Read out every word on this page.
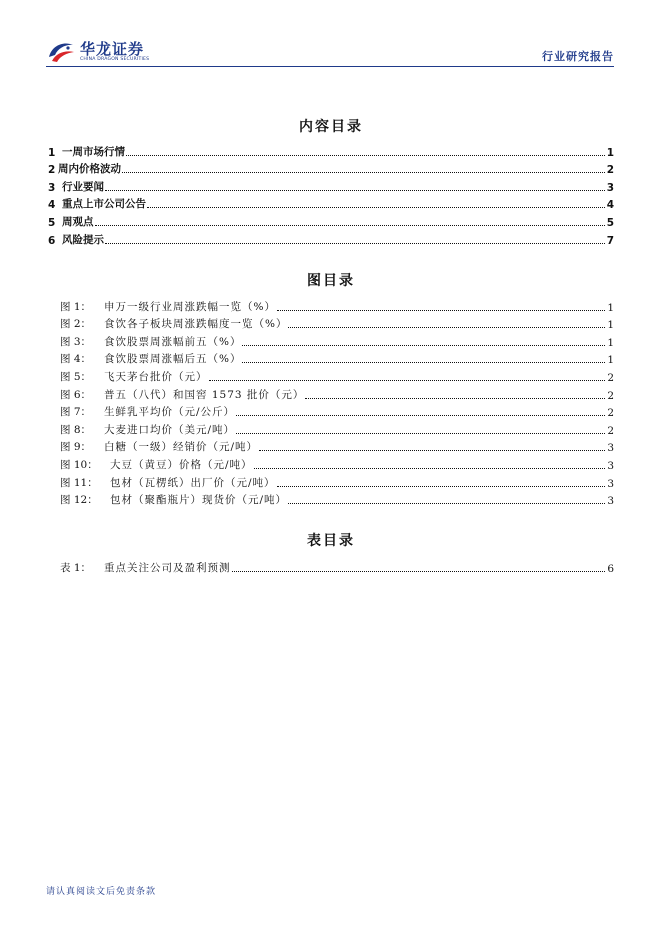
华龙证券
CHINA DRAGON SECURITIES	行业研究报告
内容目录
1 一周市场行情	1
2 周内价格波动	2
3 行业要闻	3
4 重点上市公司公告	4
5 周观点	5
6 风险提示	7
图目录
图 1：	申万一级行业周涨跌幅一览（%）	1
图 2：	食饮各子板块周涨跌幅度一览（%）	1
图 3：	食饮股票周涨幅前五（%）	1
图 4：	食饮股票周涨幅后五（%）	1
图 5：	飞天茅台批价（元）	2
图 6：	普五（八代）和国窖 1573 批价（元）	2
图 7：	生鲜乳平均价（元/公斤）	2
图 8：	大麦进口均价（美元/吨）	2
图 9：	白糖（一级）经销价（元/吨）	3
图 10：	大豆（黄豆）价格（元/吨）	3
图 11：	包材（瓦楞纸）出厂价（元/吨）	3
图 12：	包材（聚酯瓶片）现货价（元/吨）	3
表目录
表 1：	重点关注公司及盈利预测	6
请认真阅读文后免责条款
